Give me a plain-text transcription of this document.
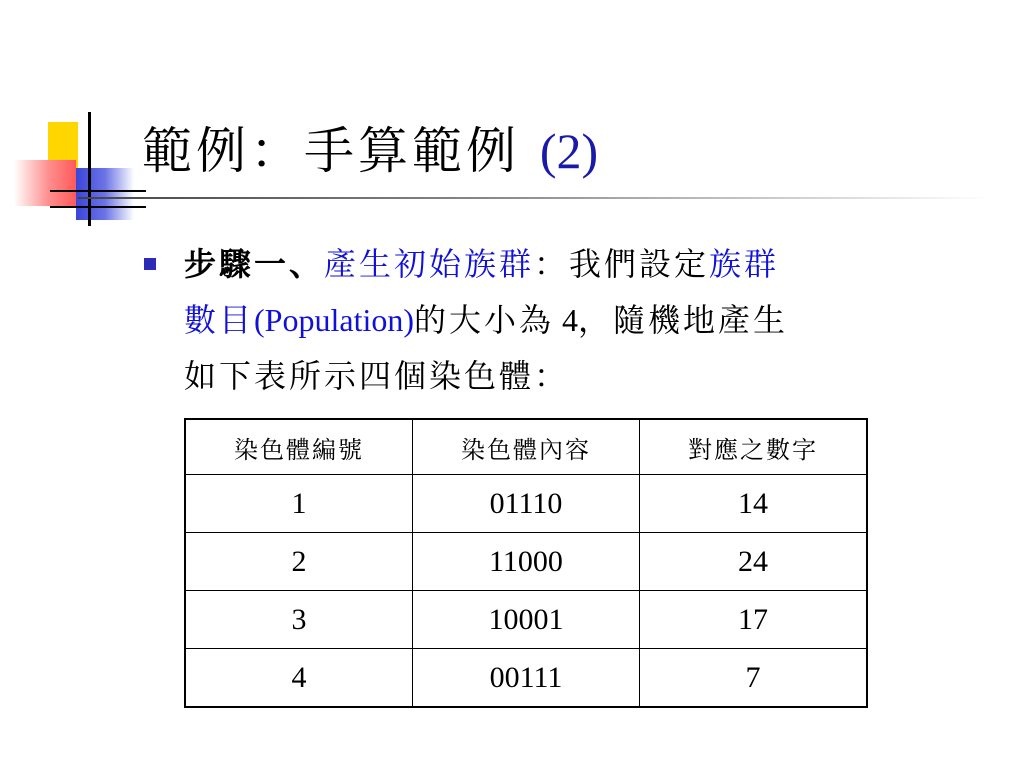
範例：手算範例 (2)
步驟一、產生初始族群：我們設定族群
數目(Population)的大小為 4，隨機地產生
如下表所示四個染色體：
染色體編號	染色體內容	對應之數字
1	01110	14
2	11000	24
3	10001	17
4	00111	7
